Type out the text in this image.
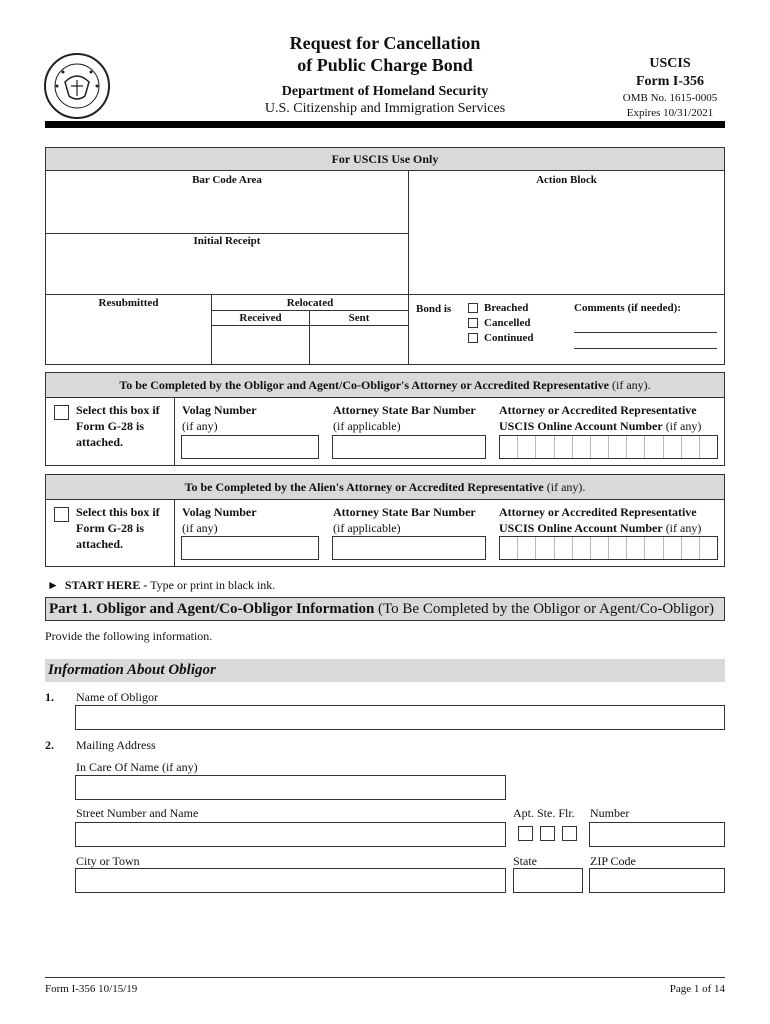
Request for Cancellation
of Public Charge Bond
Department of Homeland Security
U.S. Citizenship and Immigration Services
USCIS
Form I-356
OMB No. 1615-0005
Expires 10/31/2021
For USCIS Use Only
Bar Code Area
Initial Receipt
Action Block
Resubmitted	Relocated
Received	Sent
Bond is	Breached
Cancelled
Continued
Comments (if needed):
To be Completed by the Obligor and Agent/Co-Obligor's Attorney or Accredited Representative (if any).
Select this box if
Form G-28 is
attached.
Volag Number
(if any)
Attorney State Bar Number
(if applicable)
Attorney or Accredited Representative
USCIS Online Account Number (if any)
To be Completed by the Alien's Attorney or Accredited Representative (if any).
Select this box if
Form G-28 is
attached.
Volag Number
(if any)
Attorney State Bar Number
(if applicable)
Attorney or Accredited Representative
USCIS Online Account Number (if any)
► START HERE - Type or print in black ink.
Part 1. Obligor and Agent/Co-Obligor Information (To Be Completed by the Obligor or Agent/Co-Obligor)
Provide the following information.
Information About Obligor
1. Name of Obligor
2. Mailing Address
In Care Of Name (if any)
Street Number and Name	Apt. Ste. Flr. Number
City or Town	State	ZIP Code
Form I-356 10/15/19	Page 1 of 14
